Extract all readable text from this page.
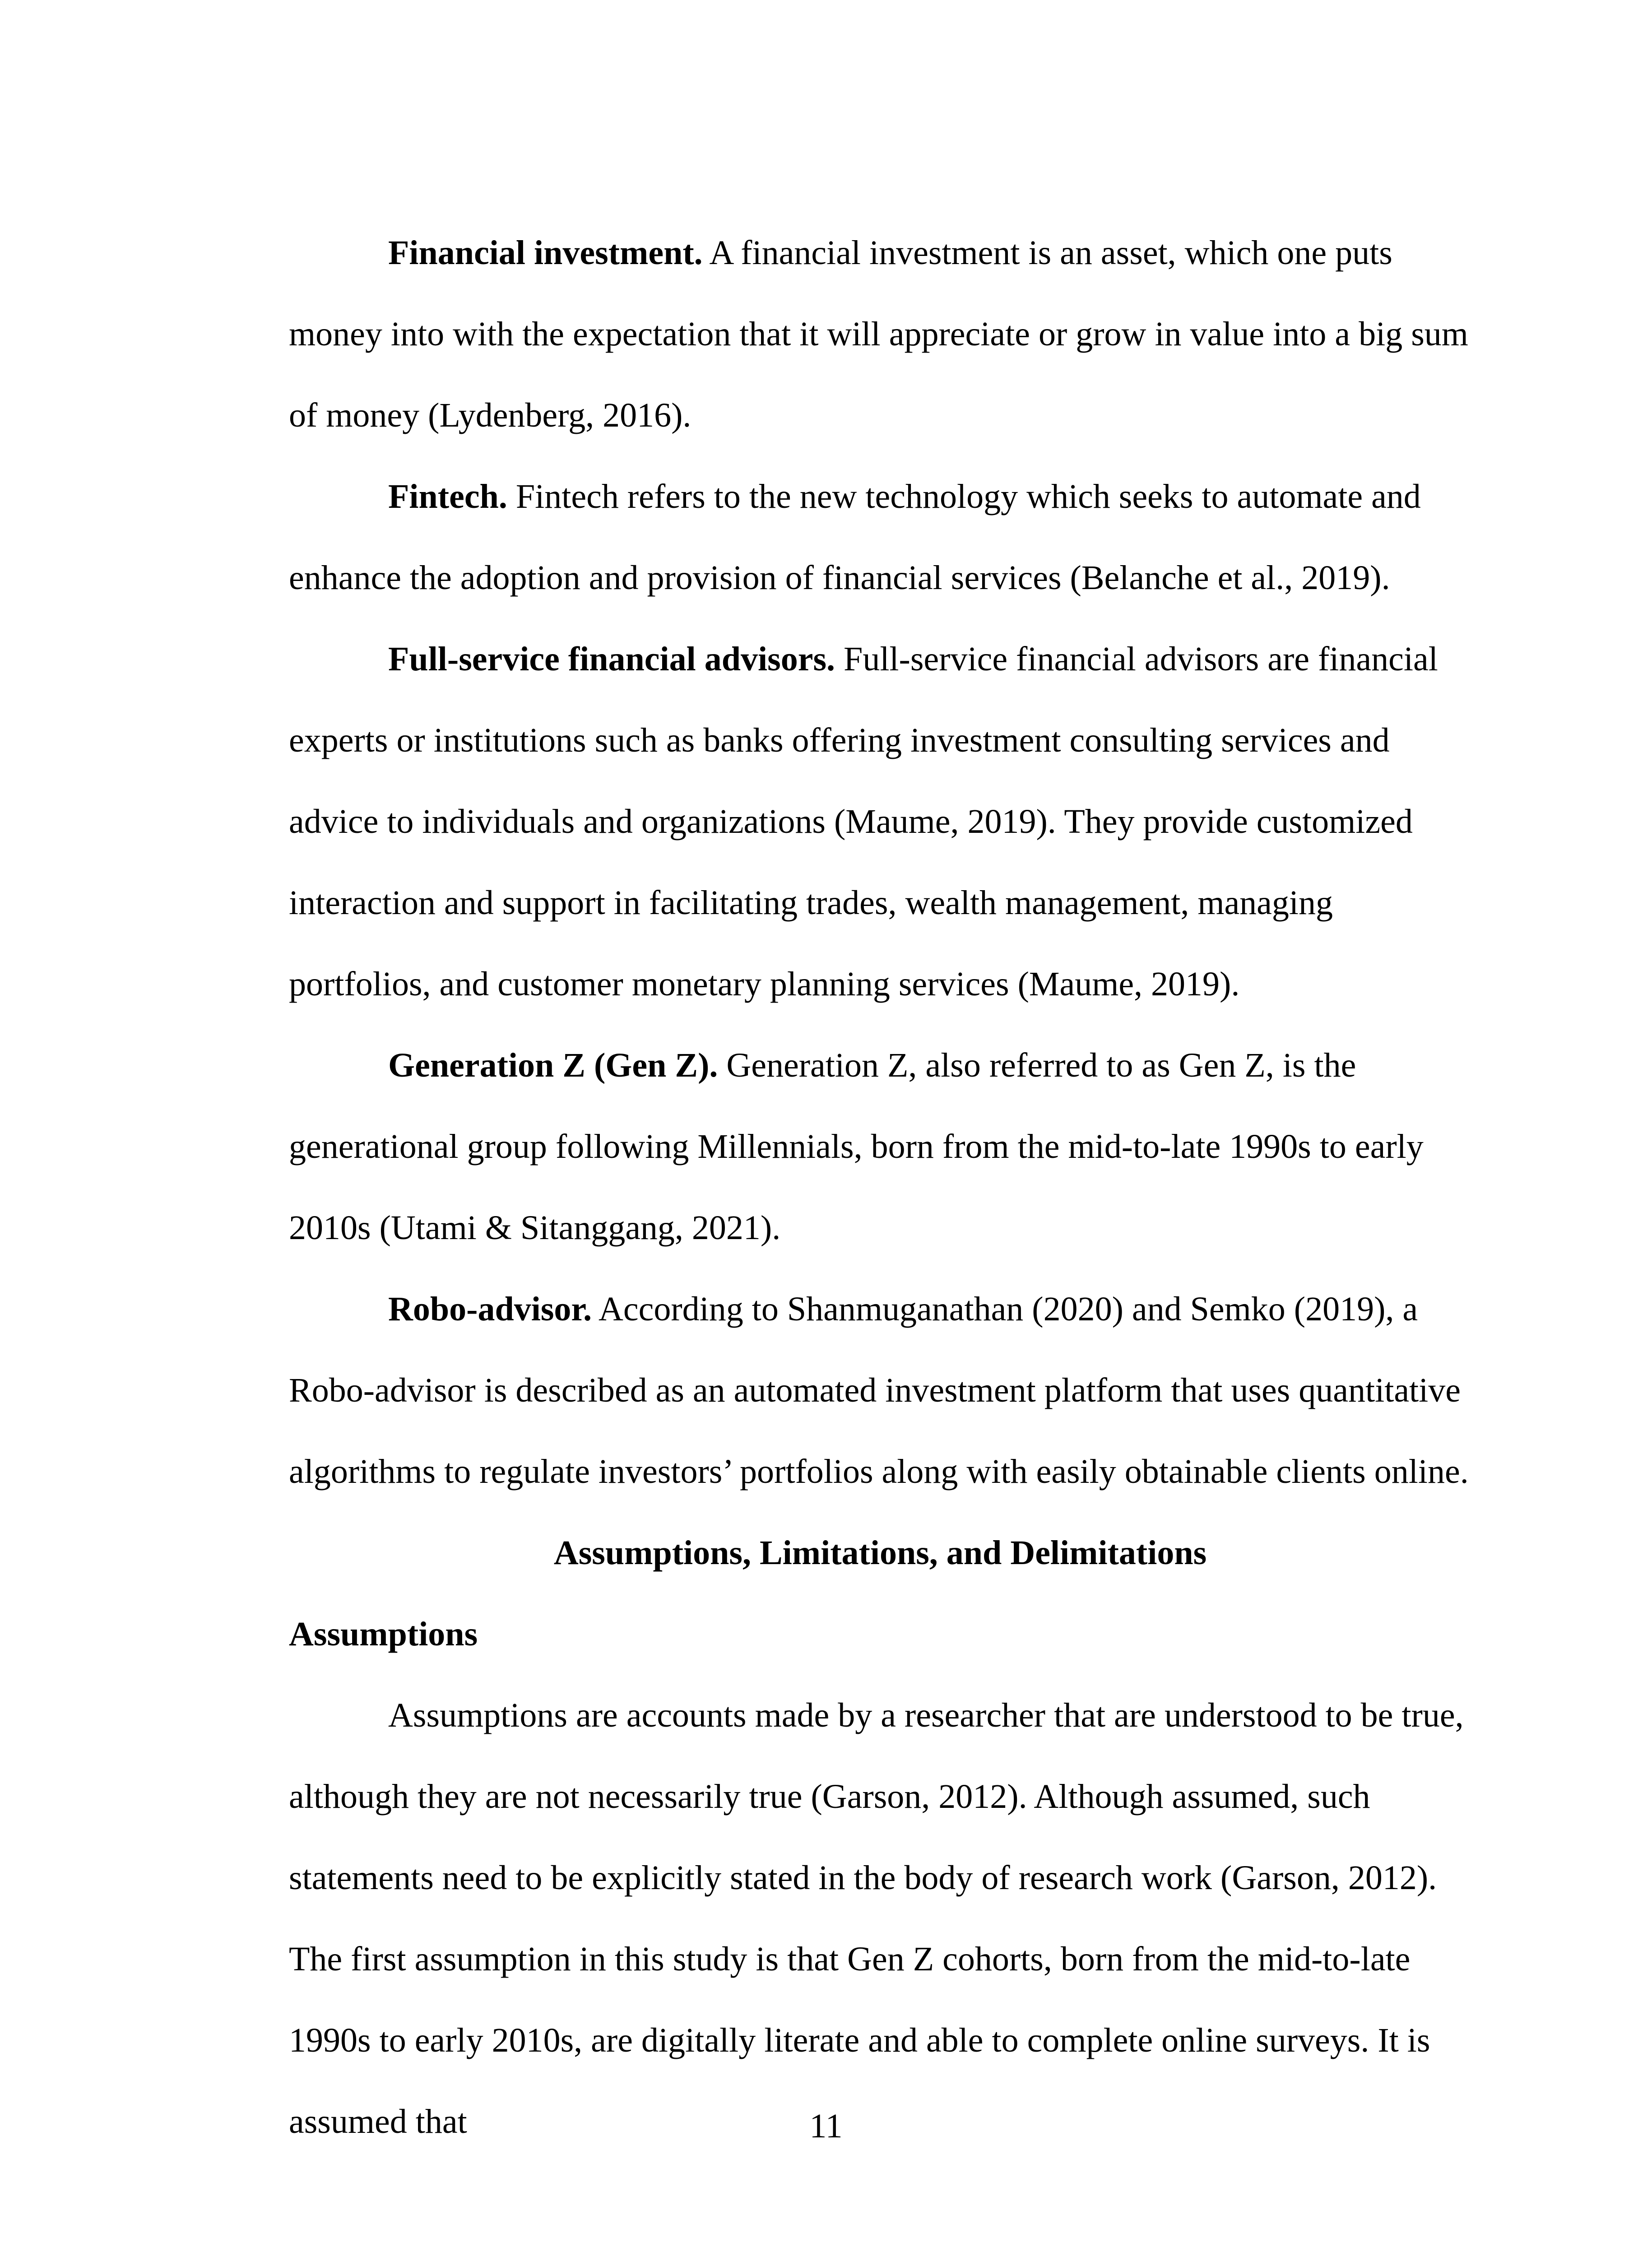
Financial investment. A financial investment is an asset, which one puts money into with the expectation that it will appreciate or grow in value into a big sum of money (Lydenberg, 2016).

Fintech. Fintech refers to the new technology which seeks to automate and enhance the adoption and provision of financial services (Belanche et al., 2019).

Full-service financial advisors. Full-service financial advisors are financial experts or institutions such as banks offering investment consulting services and advice to individuals and organizations (Maume, 2019). They provide customized interaction and support in facilitating trades, wealth management, managing portfolios, and customer monetary planning services (Maume, 2019).

Generation Z (Gen Z). Generation Z, also referred to as Gen Z, is the generational group following Millennials, born from the mid-to-late 1990s to early 2010s (Utami & Sitanggang, 2021).

Robo-advisor. According to Shanmuganathan (2020) and Semko (2019), a Robo-advisor is described as an automated investment platform that uses quantitative algorithms to regulate investors’ portfolios along with easily obtainable clients online.

Assumptions, Limitations, and Delimitations
Assumptions

Assumptions are accounts made by a researcher that are understood to be true, although they are not necessarily true (Garson, 2012). Although assumed, such statements need to be explicitly stated in the body of research work (Garson, 2012). The first assumption in this study is that Gen Z cohorts, born from the mid-to-late 1990s to early 2010s, are digitally literate and able to complete online surveys. It is assumed that	11
